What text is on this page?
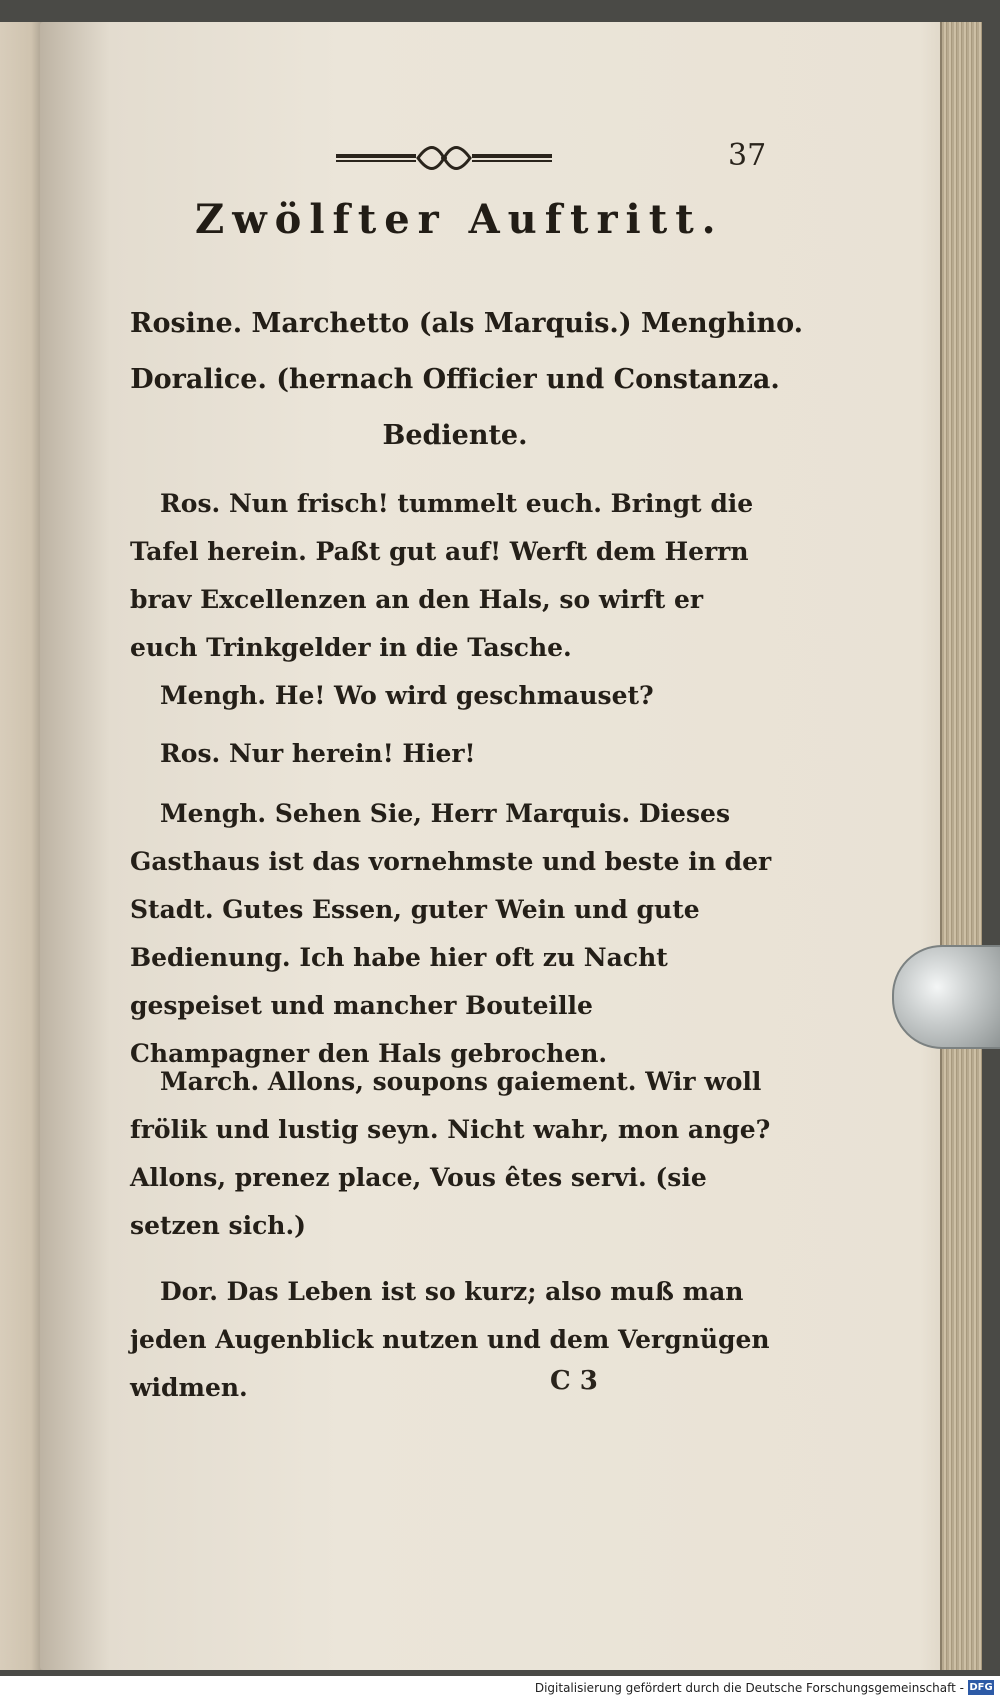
37
Zwölfter Auftritt.
Rosine. Marchetto (als Marquis.) Menghino.
Doralice. (hernach Officier und Constanza.
Bediente.
Ros. Nun frisch! tummelt euch. Bringt die Tafel herein. Paßt gut auf! Werft dem Herrn brav Excellenzen an den Hals, so wirft er euch Trinkgelder in die Tasche.
Mengh. He! Wo wird geschmauset?
Ros. Nur herein! Hier!
Mengh. Sehen Sie, Herr Marquis. Dieses Gasthaus ist das vornehmste und beste in der Stadt. Gutes Essen, guter Wein und gute Bedienung. Ich habe hier oft zu Nacht gespeiset und mancher Bouteille Champagner den Hals gebrochen.
March. Allons, soupons gaiement. Wir woll frölik und lustig seyn. Nicht wahr, mon ange? Allons, prenez place, Vous êtes servi. (sie setzen sich.)
Dor. Das Leben ist so kurz; also muß man jeden Augenblick nutzen und dem Vergnügen widmen.	C 3
Digitalisierung gefördert durch die Deutsche Forschungsgemeinschaft - DFG
